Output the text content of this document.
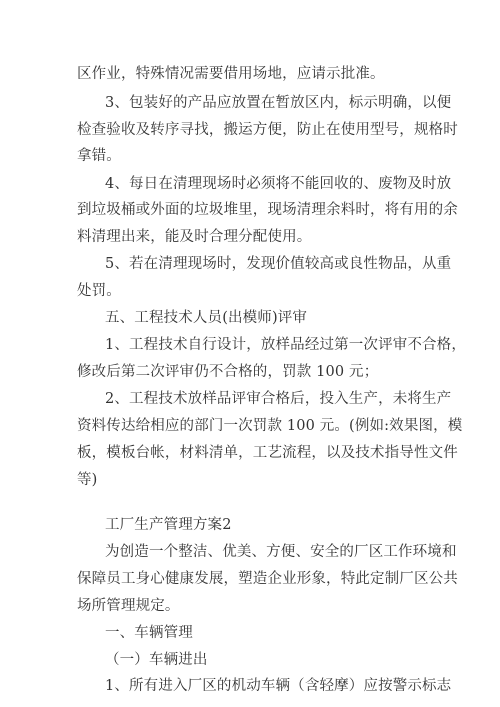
区作业，特殊情况需要借用场地，应请示批准。
3、包装好的产品应放置在暂放区内，标示明确，以便
检查验收及转序寻找，搬运方便，防止在使用型号，规格时
拿错。
4、每日在清理现场时必须将不能回收的、废物及时放
到垃圾桶或外面的垃圾堆里，现场清理余料时，将有用的余
料清理出来，能及时合理分配使用。
5、若在清理现场时，发现价值较高或良性物品，从重
处罚。
五、工程技术人员(出模师)评审
1、工程技术自行设计，放样品经过第一次评审不合格，
修改后第二次评审仍不合格的，罚款 100 元；
2、工程技术放样品评审合格后，投入生产，未将生产
资料传达给相应的部门一次罚款 100 元。(例如:效果图，模
板，模板台帐，材料清单，工艺流程，以及技术指导性文件
等)
工厂生产管理方案2
为创造一个整洁、优美、方便、安全的厂区工作环境和
保障员工身心健康发展，塑造企业形象，特此定制厂区公共
场所管理规定。
一、车辆管理
（一）车辆进出
1、所有进入厂区的机动车辆（含轻摩）应按警示标志
